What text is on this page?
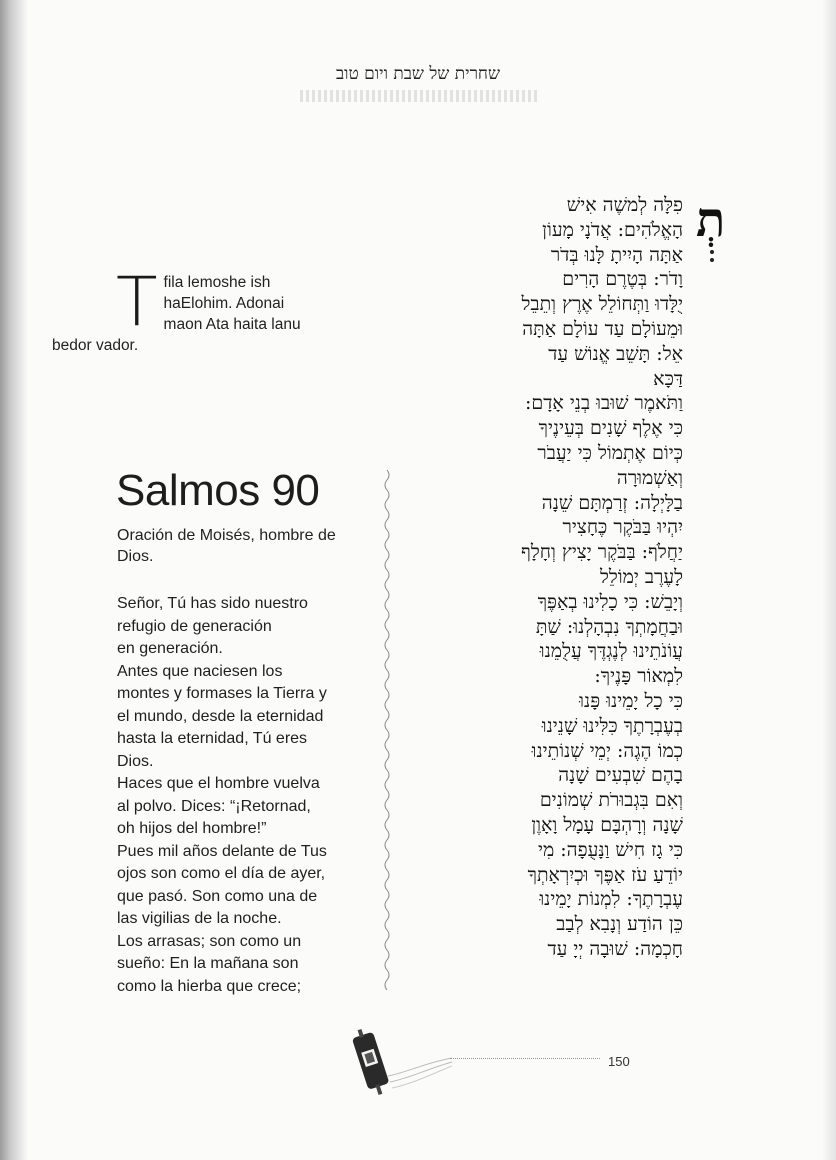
שחרית של שבת ויום טוב
T fila lemoshe ish
haElohim. Adonai
maon Ata haita lanu
bedor vador.
Salmos 90
Oración de Moisés, hombre de Dios.
Señor, Tú has sido nuestro
refugio de generación
en generación.
Antes que naciesen los
montes y formases la Tierra y
el mundo, desde la eternidad
hasta la eternidad, Tú eres
Dios.
Haces que el hombre vuelva
al polvo. Dices: “¡Retornad,
oh hijos del hombre!”
Pues mil años delante de Tus
ojos son como el día de ayer,
que pasó. Son como una de
las vigilias de la noche.
Los arrasas; son como un
sueño: En la mañana son
como la hierba que crece;
תְ
פִלָּה לְמשֶׁה אִישׁ
הָאֱלֹהִים: אֲדֹנָי מָעוֹן
אַתָּה הָיִיתָ לָּנוּ בְּדֹר
וָדֹר: בְּטֶרֶם הָרִים
יֻלָּדוּ וַתְּחוֹלֵל אֶרֶץ וְתֵבֵל
וּמֵעוֹלָם עַד עוֹלָם אַתָּה
אֵל: תָּשֵׁב אֱנוֹשׁ עַד
דַּכָּא
וַתֹּאמֶר שׁוּבוּ בְנֵי אָדָם:
כִּי אֶלֶף שָׁנִים בְּעֵינֶיךָ
כְּיוֹם אֶתְמוֹל כִּי יַעֲבֹר
וְאַשְׁמוּרָה
בַלָּיְלָה: זְרַמְתָּם שֵׁנָה
יִהְיוּ בַּבֹּקֶר כֶּחָצִיר
יַחֲלֹף: בַּבֹּקֶר יָצִיץ וְחָלָף
לָעֶרֶב יְמוֹלֵל
וְיָבֵשׁ: כִּי כָלִינוּ בְאַפֶּךָ
וּבַחֲמָתְךָ נִבְהָלְנוּ: שַׁתָּ
עֲוֹנֹתֵינוּ לְנֶגְדֶּךָ עֲלֻמֵנוּ
לִמְאוֹר פָּנֶיךָ:
כִּי כָל יָמֵינוּ פָּנוּ
בְעֶבְרָתֶךָ כִּלִּינוּ שָׁנֵינוּ
כְמוֹ הֶגֶה: יְמֵי שְׁנוֹתֵינוּ
בָהֶם שִׁבְעִים שָׁנָה
וְאִם בִּגְבוּרֹת שְׁמוֹנִים
שָׁנָה וְרָהְבָּם עָמָל וָאָוֶן
כִּי גָז חִישׁ וַנָּעֻפָה: מִי
יוֹדֵעַ עֹז אַפֶּךָ וּכְיִרְאָתְךָ
עֶבְרָתֶךָ: לִמְנוֹת יָמֵינוּ
כֵּן הוֹדַע וְנָבִא לְבַב
חָכְמָה: שׁוּבָה יְיָ עַד
150
